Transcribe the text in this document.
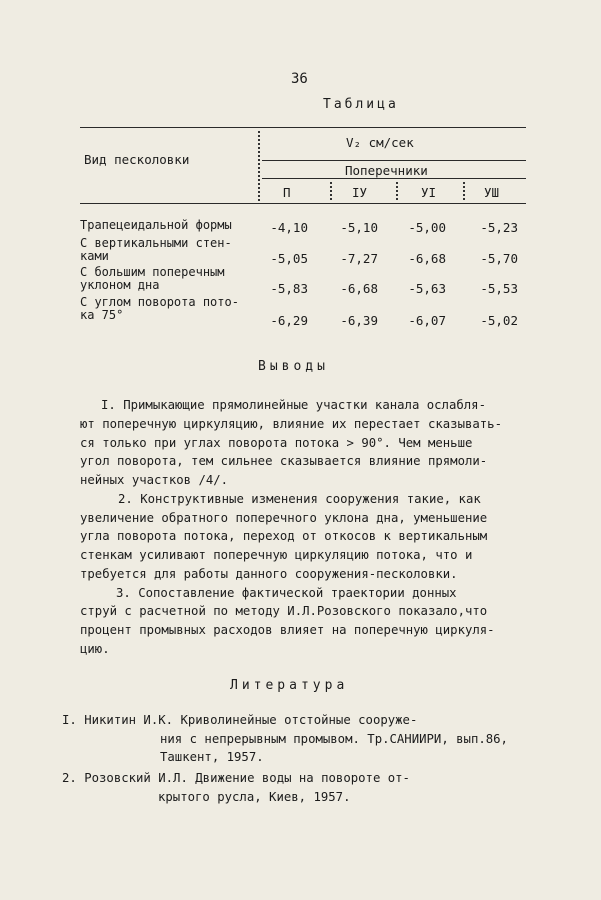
36
Таблица
Вид песколовки
V₂ см/сек
Поперечники
П	IУ	УI	УШ
Трапецеидальной формы	-4,10	-5,10	-5,00	-5,23
С вертикальными стен-
ками	-5,05	-7,27	-6,68	-5,70
С большим поперечным
уклоном дна	-5,83	-6,68	-5,63	-5,53
С углом поворота пото-
ка 75°	-6,29	-6,39	-6,07	-5,02
Выводы
I. Примыкающие прямолинейные участки канала ослабля-
ют поперечную циркуляцию, влияние их перестает сказывать-
ся только при углах поворота потока > 90°. Чем меньше
угол поворота, тем сильнее сказывается влияние прямоли-
нейных участков /4/.
2. Конструктивные изменения сооружения такие, как
увеличение обратного поперечного уклона дна, уменьшение
угла поворота потока, переход от откосов к вертикальным
стенкам усиливают поперечную циркуляцию потока, что и
требуется для работы данного сооружения-песколовки.
3. Сопоставление фактической траектории донных
струй с расчетной по методу И.Л.Розовского показало,что
процент промывных расходов влияет на поперечную циркуля-
цию.
Литература
I. Никитин И.К. Криволинейные отстойные сооруже-
ния с непрерывным промывом. Тр.САНИИРИ, вып.86,
Ташкент, 1957.
2. Розовский И.Л. Движение воды на повороте от-
крытого русла, Киев, 1957.
